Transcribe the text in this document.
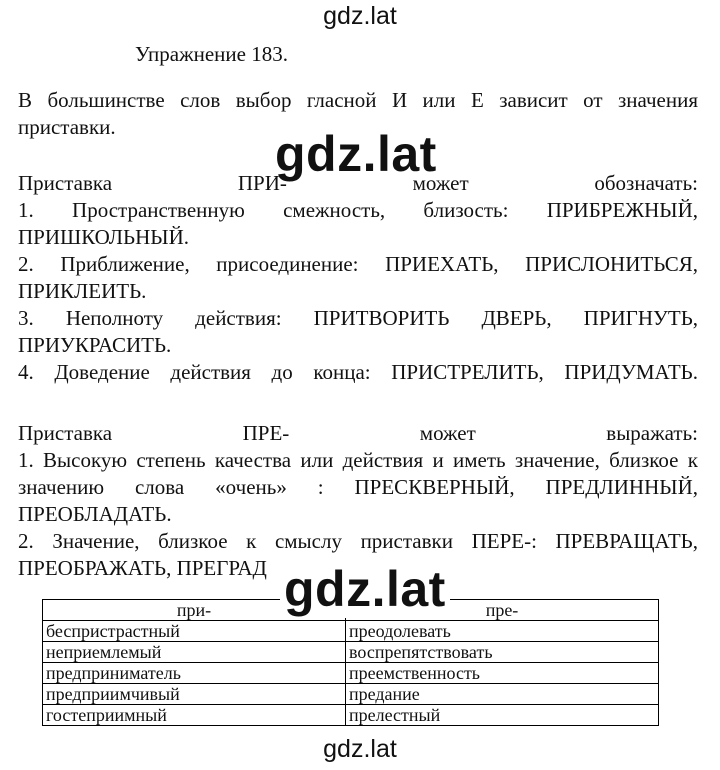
gdz.lat
Упражнение 183.
В большинстве слов выбор гласной И или Е зависит от значения
приставки.	gdz.lat
Приставка	ПРИ-	может	обозначать:
1. Пространственную смежность, близость: ПРИБРЕЖНЫЙ,
ПРИШКОЛЬНЫЙ.
2. Приближение, присоединение: ПРИЕХАТЬ, ПРИСЛОНИТЬСЯ,
ПРИКЛЕИТЬ.
3. Неполноту действия: ПРИТВОРИТЬ ДВЕРЬ, ПРИГНУТЬ,
ПРИУКРАСИТЬ.
4. Доведение действия до конца: ПРИСТРЕЛИТЬ, ПРИДУМАТЬ.
Приставка	ПРЕ-	может	выражать:
1. Высокую степень качества или действия и иметь значение, близкое к
значению слова «очень» : ПРЕСКВЕРНЫЙ, ПРЕДЛИННЫЙ,
ПРЕОБЛАДАТЬ.
2. Значение, близкое к смыслу приставки ПЕРЕ-: ПРЕВРАЩАТЬ,
ПРЕОБРАЖАТЬ, ПРЕГРАД
при-	пре-
беспристрастный	преодолевать
неприемлемый	воспрепятствовать
предприниматель	преемственность
предприимчивый	предание
гостеприимный	прелестный
gdz.lat
gdz.lat
